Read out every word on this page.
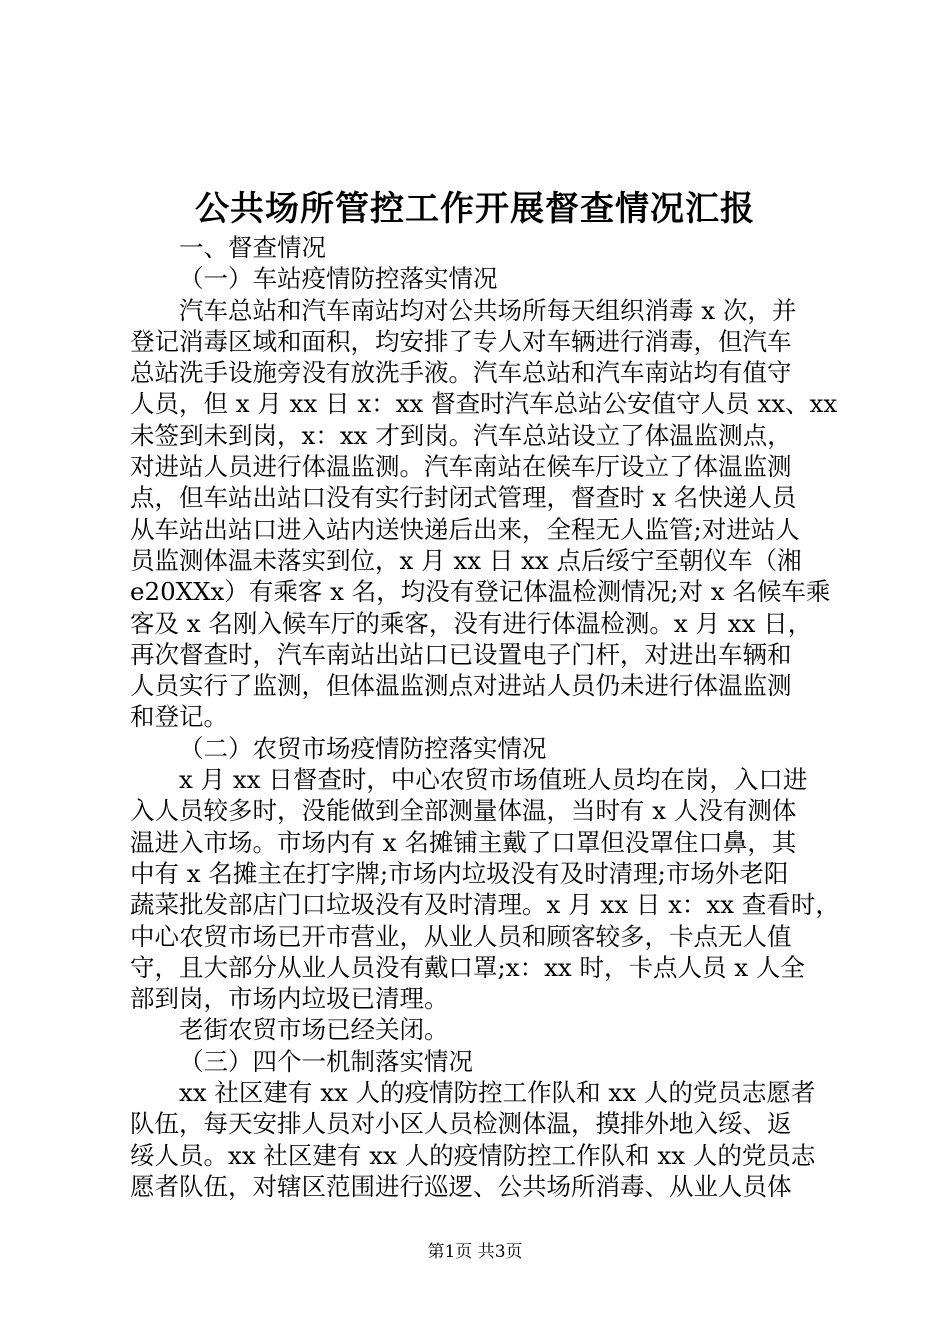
公共场所管控工作开展督查情况汇报
一、督查情况
（一）车站疫情防控落实情况
汽车总站和汽车南站均对公共场所每天组织消毒 x 次，并
登记消毒区域和面积，均安排了专人对车辆进行消毒，但汽车
总站洗手设施旁没有放洗手液。汽车总站和汽车南站均有值守
人员，但 x 月 xx 日 x：xx 督查时汽车总站公安值守人员 xx、xx
未签到未到岗，x：xx 才到岗。汽车总站设立了体温监测点，
对进站人员进行体温监测。汽车南站在候车厅设立了体温监测
点，但车站出站口没有实行封闭式管理，督查时 x 名快递人员
从车站出站口进入站内送快递后出来，全程无人监管;对进站人
员监测体温未落实到位，x 月 xx 日 xx 点后绥宁至朝仪车（湘
e20XXx）有乘客 x 名，均没有登记体温检测情况;对 x 名候车乘
客及 x 名刚入候车厅的乘客，没有进行体温检测。x 月 xx 日，
再次督查时，汽车南站出站口已设置电子门杆，对进出车辆和
人员实行了监测，但体温监测点对进站人员仍未进行体温监测
和登记。
（二）农贸市场疫情防控落实情况
x 月 xx 日督查时，中心农贸市场值班人员均在岗，入口进
入人员较多时，没能做到全部测量体温，当时有 x 人没有测体
温进入市场。市场内有 x 名摊铺主戴了口罩但没罩住口鼻，其
中有 x 名摊主在打字牌;市场内垃圾没有及时清理;市场外老阳
蔬菜批发部店门口垃圾没有及时清理。x 月 xx 日 x：xx 查看时，
中心农贸市场已开市营业，从业人员和顾客较多，卡点无人值
守，且大部分从业人员没有戴口罩;x：xx 时，卡点人员 x 人全
部到岗，市场内垃圾已清理。
老街农贸市场已经关闭。
（三）四个一机制落实情况
xx 社区建有 xx 人的疫情防控工作队和 xx 人的党员志愿者
队伍，每天安排人员对小区人员检测体温，摸排外地入绥、返
绥人员。xx 社区建有 xx 人的疫情防控工作队和 xx 人的党员志
愿者队伍，对辖区范围进行巡逻、公共场所消毒、从业人员体
第1页 共3页
